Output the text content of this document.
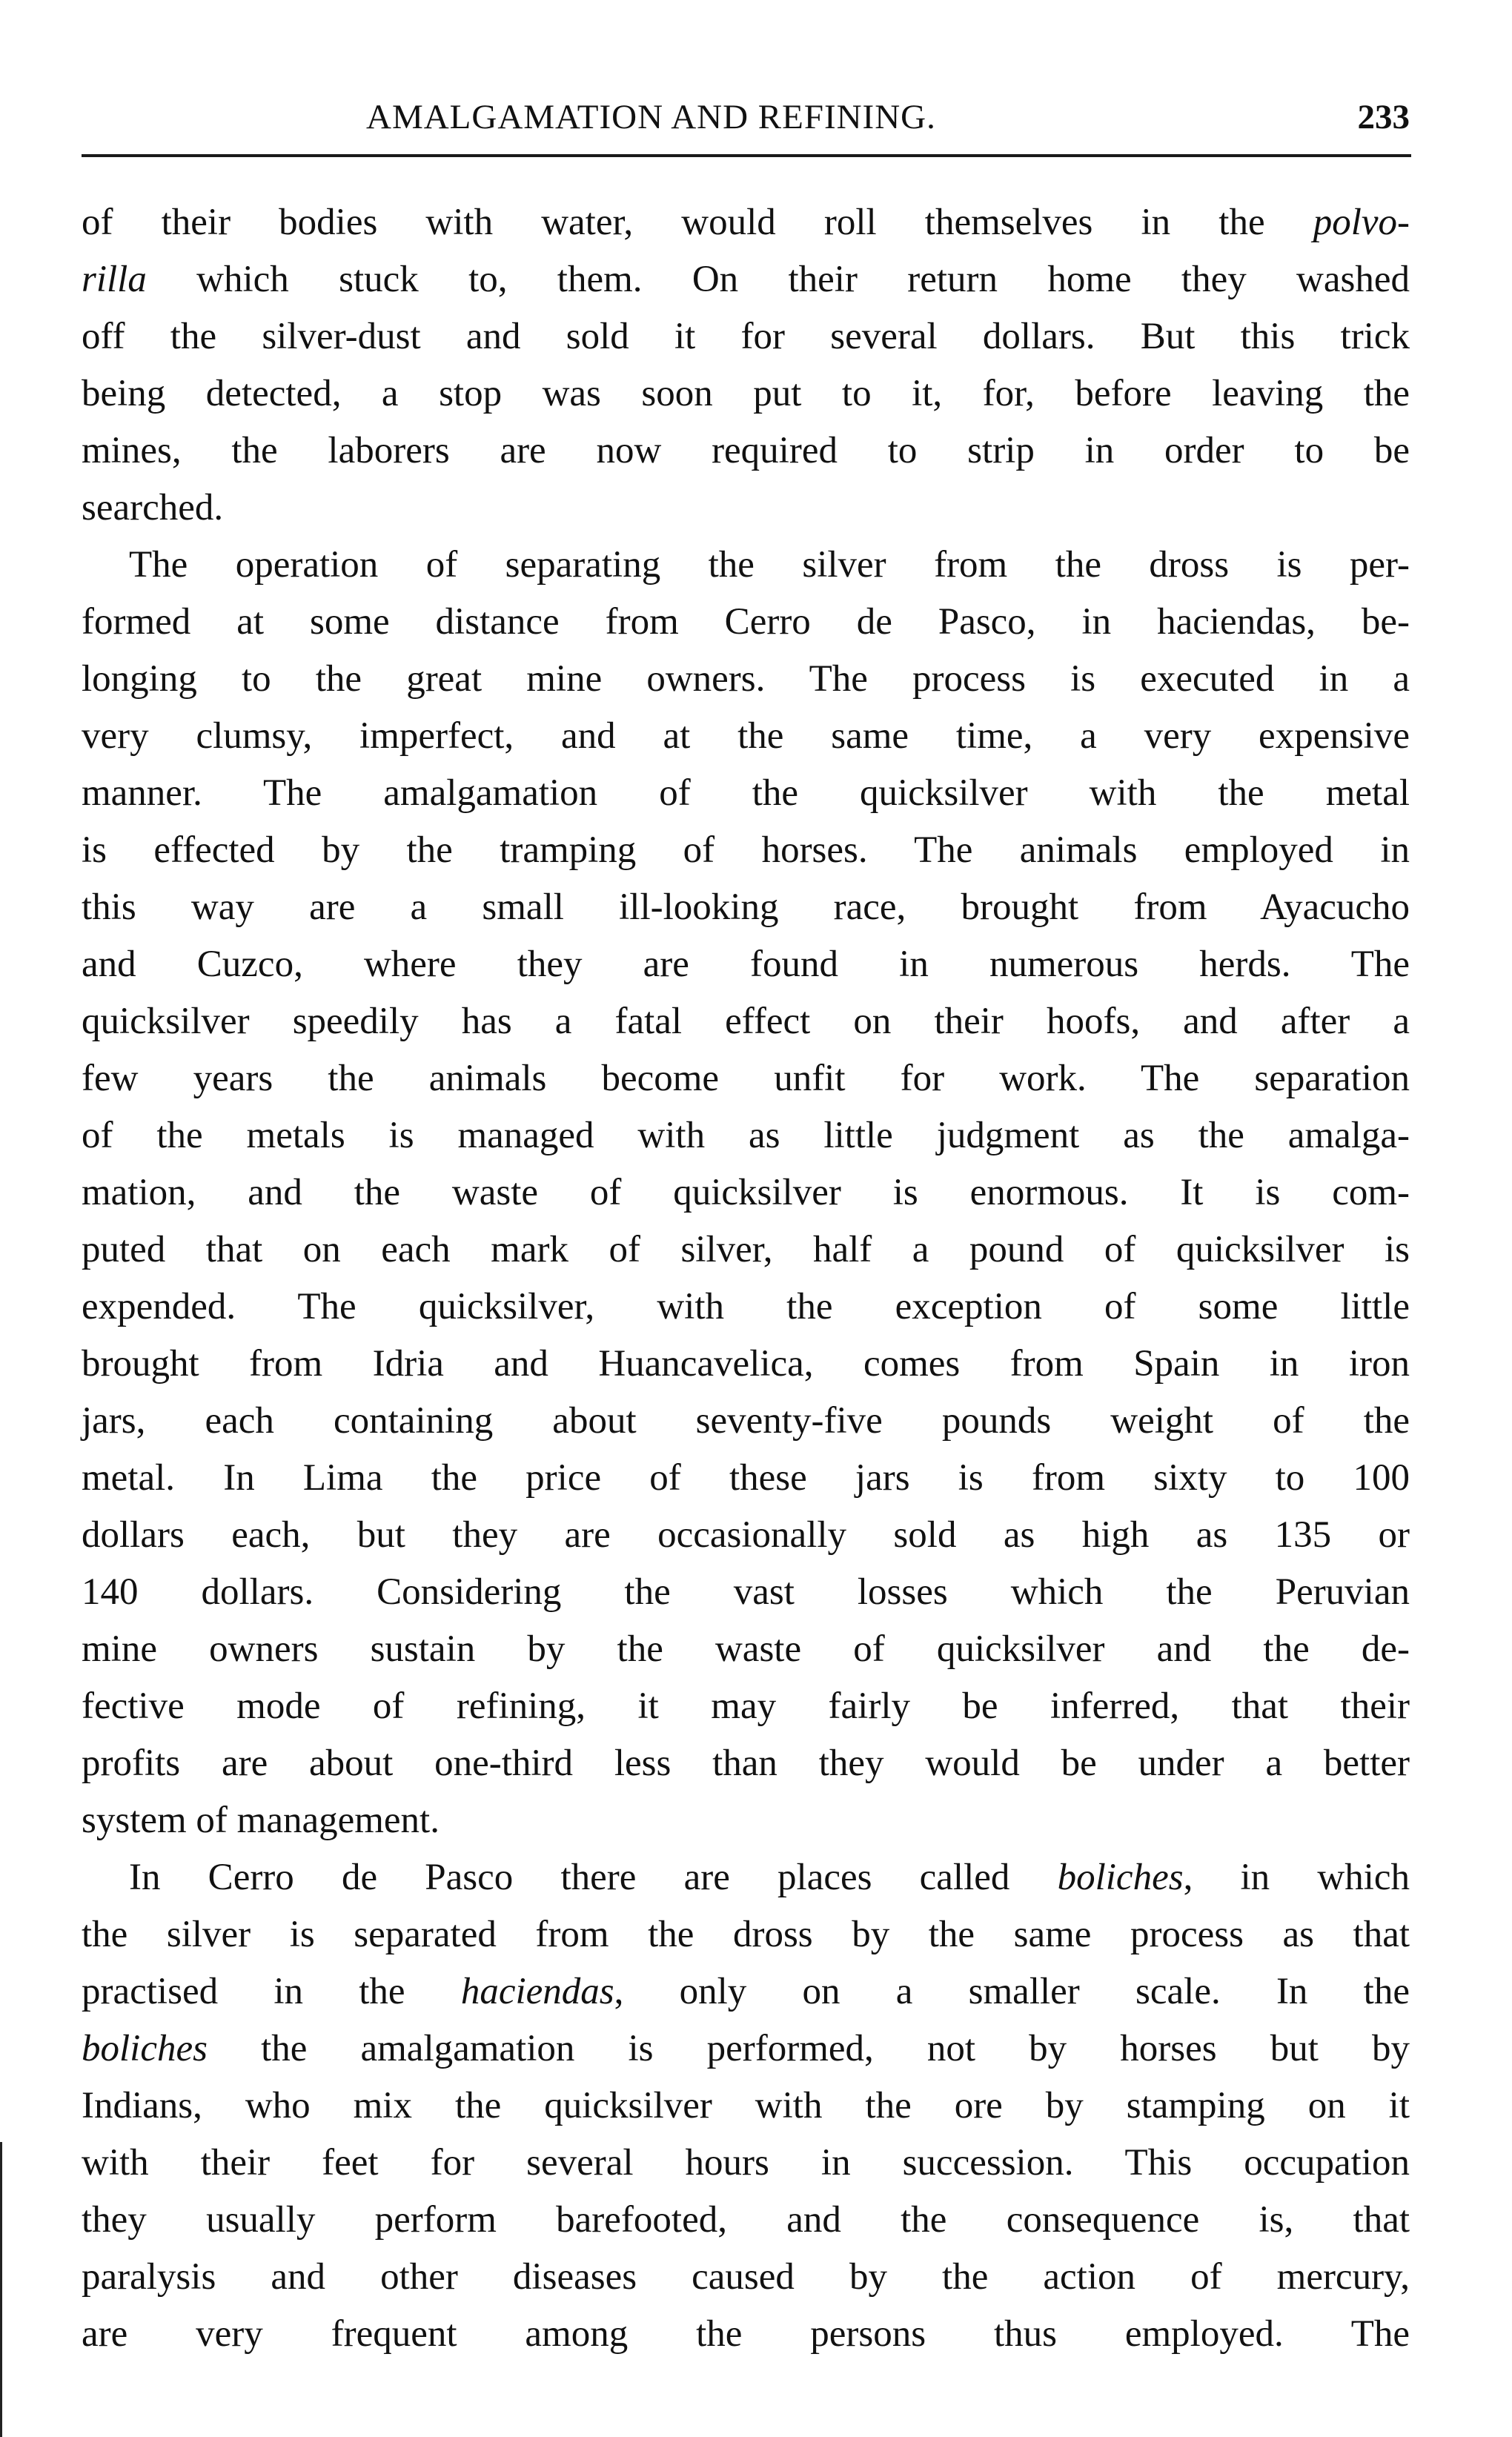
AMALGAMATION AND REFINING.	233
of their bodies with water, would roll themselves in the polvo-
rilla which stuck to, them. On their return home they washed
off the silver-dust and sold it for several dollars. But this trick
being detected, a stop was soon put to it, for, before leaving the
mines, the laborers are now required to strip in order to be
searched.
The operation of separating the silver from the dross is per-
formed at some distance from Cerro de Pasco, in haciendas, be-
longing to the great mine owners. The process is executed in a
very clumsy, imperfect, and at the same time, a very expensive
manner. The amalgamation of the quicksilver with the metal
is effected by the tramping of horses. The animals employed in
this way are a small ill-looking race, brought from Ayacucho
and Cuzco, where they are found in numerous herds. The
quicksilver speedily has a fatal effect on their hoofs, and after a
few years the animals become unfit for work. The separation
of the metals is managed with as little judgment as the amalga-
mation, and the waste of quicksilver is enormous. It is com-
puted that on each mark of silver, half a pound of quicksilver is
expended. The quicksilver, with the exception of some little
brought from Idria and Huancavelica, comes from Spain in iron
jars, each containing about seventy-five pounds weight of the
metal. In Lima the price of these jars is from sixty to 100
dollars each, but they are occasionally sold as high as 135 or
140 dollars. Considering the vast losses which the Peruvian
mine owners sustain by the waste of quicksilver and the de-
fective mode of refining, it may fairly be inferred, that their
profits are about one-third less than they would be under a better
system of management.
In Cerro de Pasco there are places called boliches, in which
the silver is separated from the dross by the same process as that
practised in the haciendas, only on a smaller scale. In the
boliches the amalgamation is performed, not by horses but by
Indians, who mix the quicksilver with the ore by stamping on it
with their feet for several hours in succession. This occupation
they usually perform barefooted, and the consequence is, that
paralysis and other diseases caused by the action of mercury,
are very frequent among the persons thus employed. The
